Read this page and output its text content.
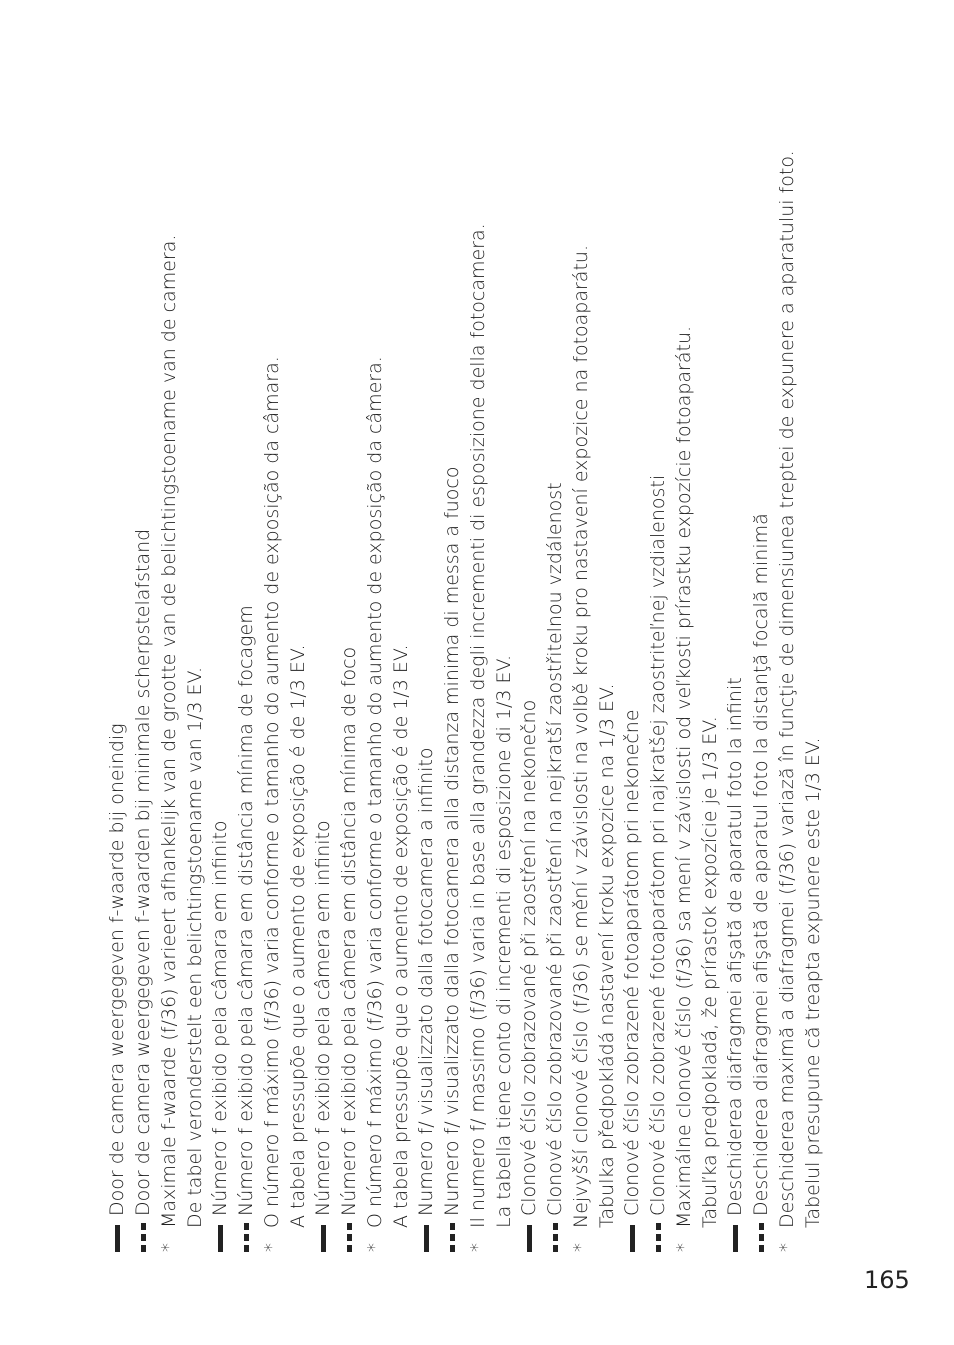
Door de camera weergegeven f-waarde bij oneindig Door de camera weergegeven f-waarden bij minimale scherpstelafstand
*
Maximale f-waarde (f/36) varieert afhankelijk van de grootte van de belichtingstoename van de camera. De tabel veronderstelt een belichtingstoename van 1/3 EV. Número f exibido pela câmara em infinito Número f exibido pela câmara em distância mínima de focagem
*
O número f máximo (f/36) varia conforme o tamanho do aumento de exposição da câmara. A tabela pressupõe que o aumento de exposição é de 1/3 EV. Número f exibido pela câmera em infinito Número f exibido pela câmera em distância mínima de foco
*
O número f máximo (f/36) varia conforme o tamanho do aumento de exposição da câmera. A tabela pressupõe que o aumento de exposição é de 1/3 EV. Numero f/ visualizzato dalla fotocamera a infinito Numero f/ visualizzato dalla fotocamera alla distanza minima di messa a fuoco
*
Il numero f/ massimo (f/36) varia in base alla grandezza degli incrementi di esposizione della fotocamera. La tabella tiene conto di incrementi di esposizione di 1/3 EV. Clonové číslo zobrazované při zaostření na nekonečno Clonové číslo zobrazované při zaostření na nejkratší zaostřitelnou vzdálenost
*
Nejvyšší clonové číslo (f/36) se mění v závislosti na volbě kroku pro nastavení expozice na fotoaparátu. Tabulka předpokládá nastavení kroku expozice na 1/3 EV. Clonové číslo zobrazené fotoaparátom pri nekonečne Clonové číslo zobrazené fotoaparátom pri najkratšej zaostriteľnej vzdialenosti
*
Maximálne clonové číslo (f/36) sa mení v závislosti od veľkosti prírastku expozície fotoaparátu. Tabuľka predpokladá, že prírastok expozície je 1/3 EV. Deschiderea diafragmei afişată de aparatul foto la infinit Deschiderea diafragmei afişată de aparatul foto la distanţă focală minimă
*
Deschiderea maximă a diafragmei (f/36) variază în funcţie de dimensiunea treptei de expunere a aparatului foto. Tabelul presupune că treapta expunere este 1/3 EV.
165
